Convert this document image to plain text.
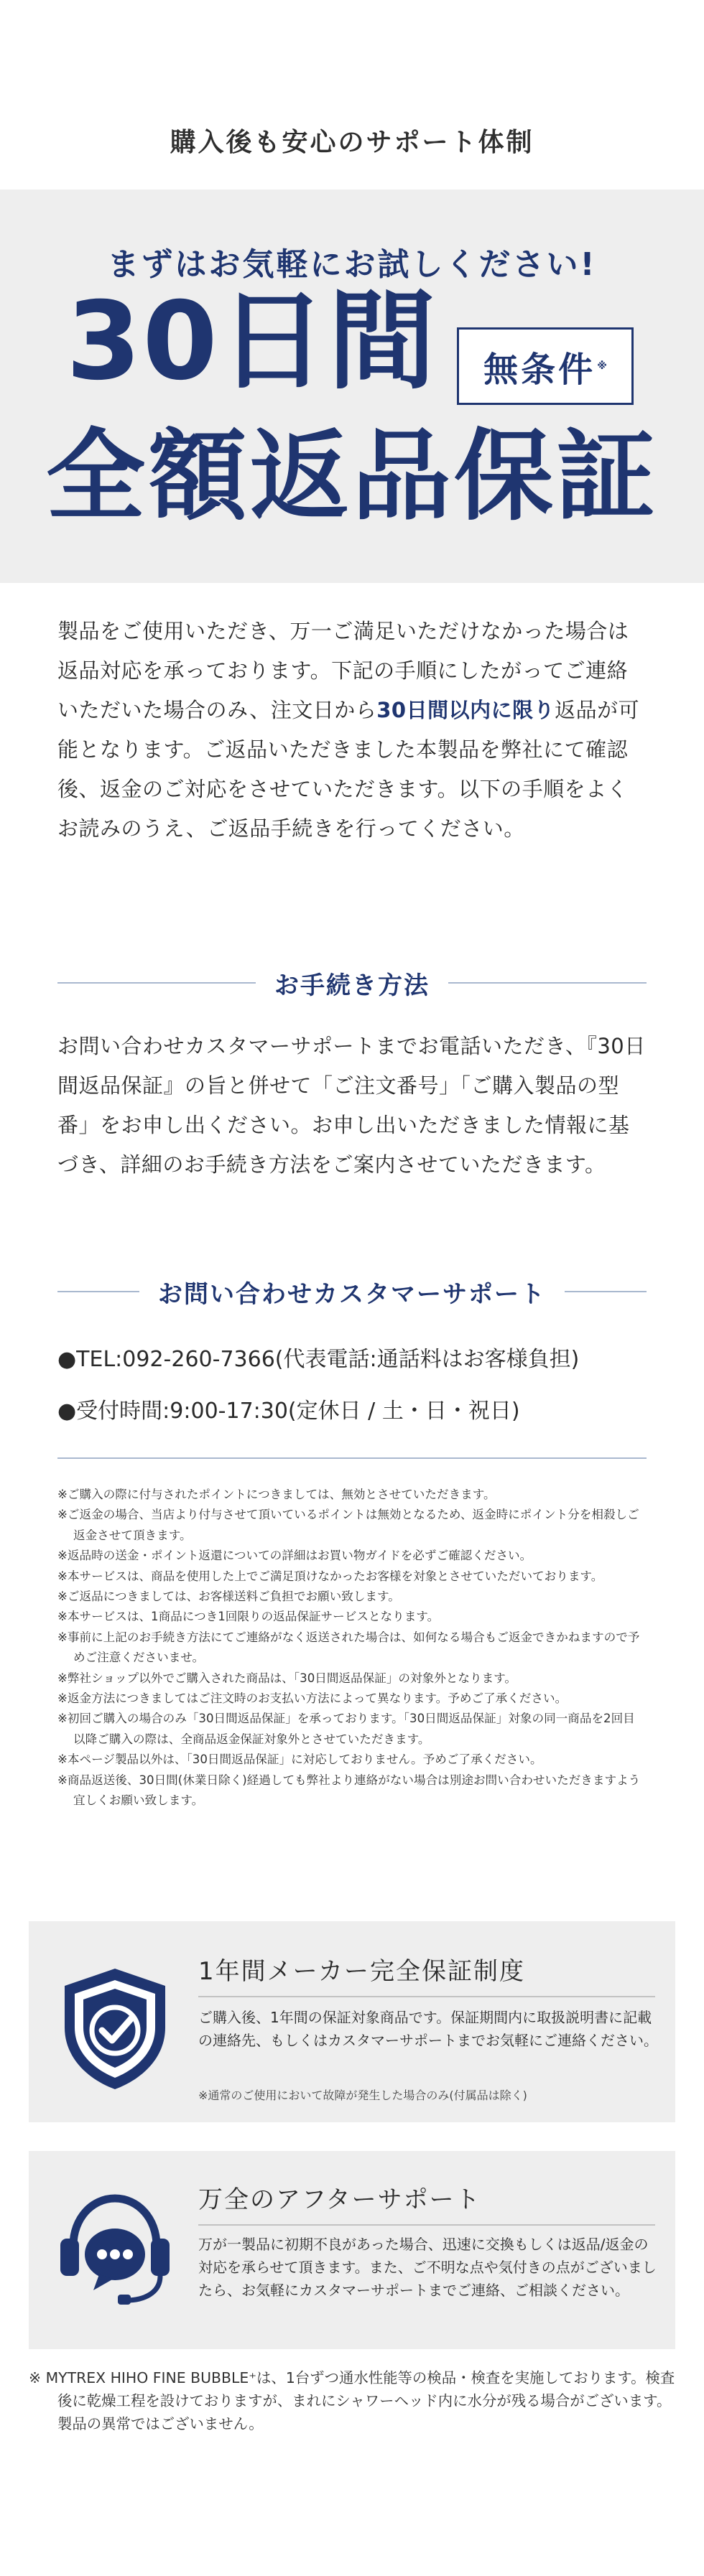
購入後も安心のサポート体制
まずはお気軽にお試しください!
30日間 無条件 ※
全額返品保証
製品をご使用いただき、万一ご満足いただけなかった場合は返品対応を承っております。下記の手順にしたがってご連絡いただいた場合のみ、注文日から30日間以内に限り返品が可能となります。ご返品いただきました本製品を弊社にて確認後、返金のご対応をさせていただきます。以下の手順をよくお読みのうえ、ご返品手続きを行ってください。
お手続き方法
お問い合わせカスタマーサポートまでお電話いただき、『30日間返品保証』の旨と併せて「ご注文番号」「ご購入製品の型番」をお申し出ください。お申し出いただきました情報に基づき、詳細のお手続き方法をご案内させていただきます。
お問い合わせカスタマーサポート
●TEL:092-260-7366(代表電話:通話料はお客様負担)
●受付時間:9:00-17:30(定休日 / 土・日・祝日)
※ご購入の際に付与されたポイントにつきましては、無効とさせていただきます。
※ご返金の場合、当店より付与させて頂いているポイントは無効となるため、返金時にポイント分を相殺しご返金させて頂きます。
※返品時の送金・ポイント返還についての詳細はお買い物ガイドを必ずご確認ください。
※本サービスは、商品を使用した上でご満足頂けなかったお客様を対象とさせていただいております。
※ご返品につきましては、お客様送料ご負担でお願い致します。
※本サービスは、1商品につき1回限りの返品保証サービスとなります。
※事前に上記のお手続き方法にてご連絡がなく返送された場合は、如何なる場合もご返金できかねますので予めご注意くださいませ。
※弊社ショップ以外でご購入された商品は、「30日間返品保証」の対象外となります。
※返金方法につきましてはご注文時のお支払い方法によって異なります。予めご了承ください。
※初回ご購入の場合のみ「30日間返品保証」を承っております。「30日間返品保証」対象の同一商品を2回目以降ご購入の際は、全商品返金保証対象外とさせていただきます。
※本ページ製品以外は、「30日間返品保証」に対応しておりません。予めご了承ください。
※商品返送後、30日間(休業日除く)経過しても弊社より連絡がない場合は別途お問い合わせいただきますよう宜しくお願い致します。
1年間メーカー完全保証制度
ご購入後、1年間の保証対象商品です。保証期間内に取扱説明書に記載の連絡先、もしくはカスタマーサポートまでお気軽にご連絡ください。
※通常のご使用において故障が発生した場合のみ(付属品は除く)
万全のアフターサポート
万が一製品に初期不良があった場合、迅速に交換もしくは返品/返金の対応を承らせて頂きます。また、ご不明な点や気付きの点がございましたら、お気軽にカスタマーサポートまでご連絡、ご相談ください。
※ MYTREX HIHO FINE BUBBLE⁺は、1台ずつ通水性能等の検品・検査を実施しております。検査後に乾燥工程を設けておりますが、まれにシャワーヘッド内に水分が残る場合がございます。製品の異常ではございません。
